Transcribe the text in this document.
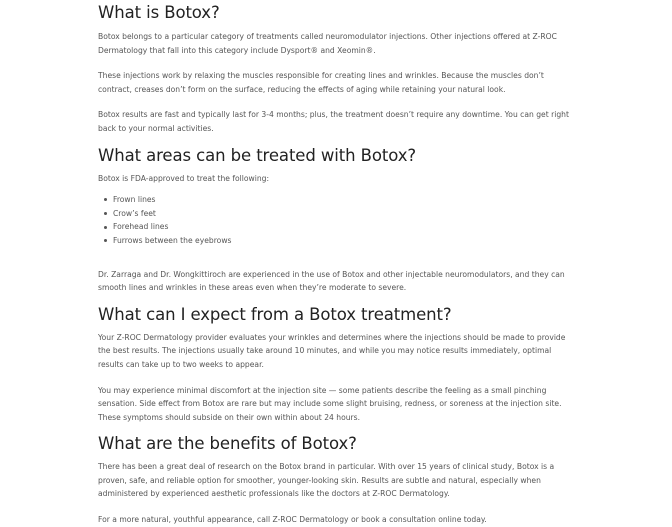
What is Botox?

Botox belongs to a particular category of treatments called neuromodulator injections. Other injections offered at Z-ROC Dermatology that fall into this category include Dysport® and Xeomin®.

These injections work by relaxing the muscles responsible for creating lines and wrinkles. Because the muscles don’t contract, creases don’t form on the surface, reducing the effects of aging while retaining your natural look.

Botox results are fast and typically last for 3-4 months; plus, the treatment doesn’t require any downtime. You can get right back to your normal activities.

What areas can be treated with Botox?

Botox is FDA-approved to treat the following:

Frown lines
Crow’s feet
Forehead lines
Furrows between the eyebrows

Dr. Zarraga and Dr. Wongkittiroch are experienced in the use of Botox and other injectable neuromodulators, and they can smooth lines and wrinkles in these areas even when they’re moderate to severe.

What can I expect from a Botox treatment?

Your Z-ROC Dermatology provider evaluates your wrinkles and determines where the injections should be made to provide the best results. The injections usually take around 10 minutes, and while you may notice results immediately, optimal results can take up to two weeks to appear.

You may experience minimal discomfort at the injection site — some patients describe the feeling as a small pinching sensation. Side effect from Botox are rare but may include some slight bruising, redness, or soreness at the injection site. These symptoms should subside on their own within about 24 hours.

What are the benefits of Botox?

There has been a great deal of research on the Botox brand in particular. With over 15 years of clinical study, Botox is a proven, safe, and reliable option for smoother, younger-looking skin. Results are subtle and natural, especially when administered by experienced aesthetic professionals like the doctors at Z-ROC Dermatology.

For a more natural, youthful appearance, call Z-ROC Dermatology or book a consultation online today.
